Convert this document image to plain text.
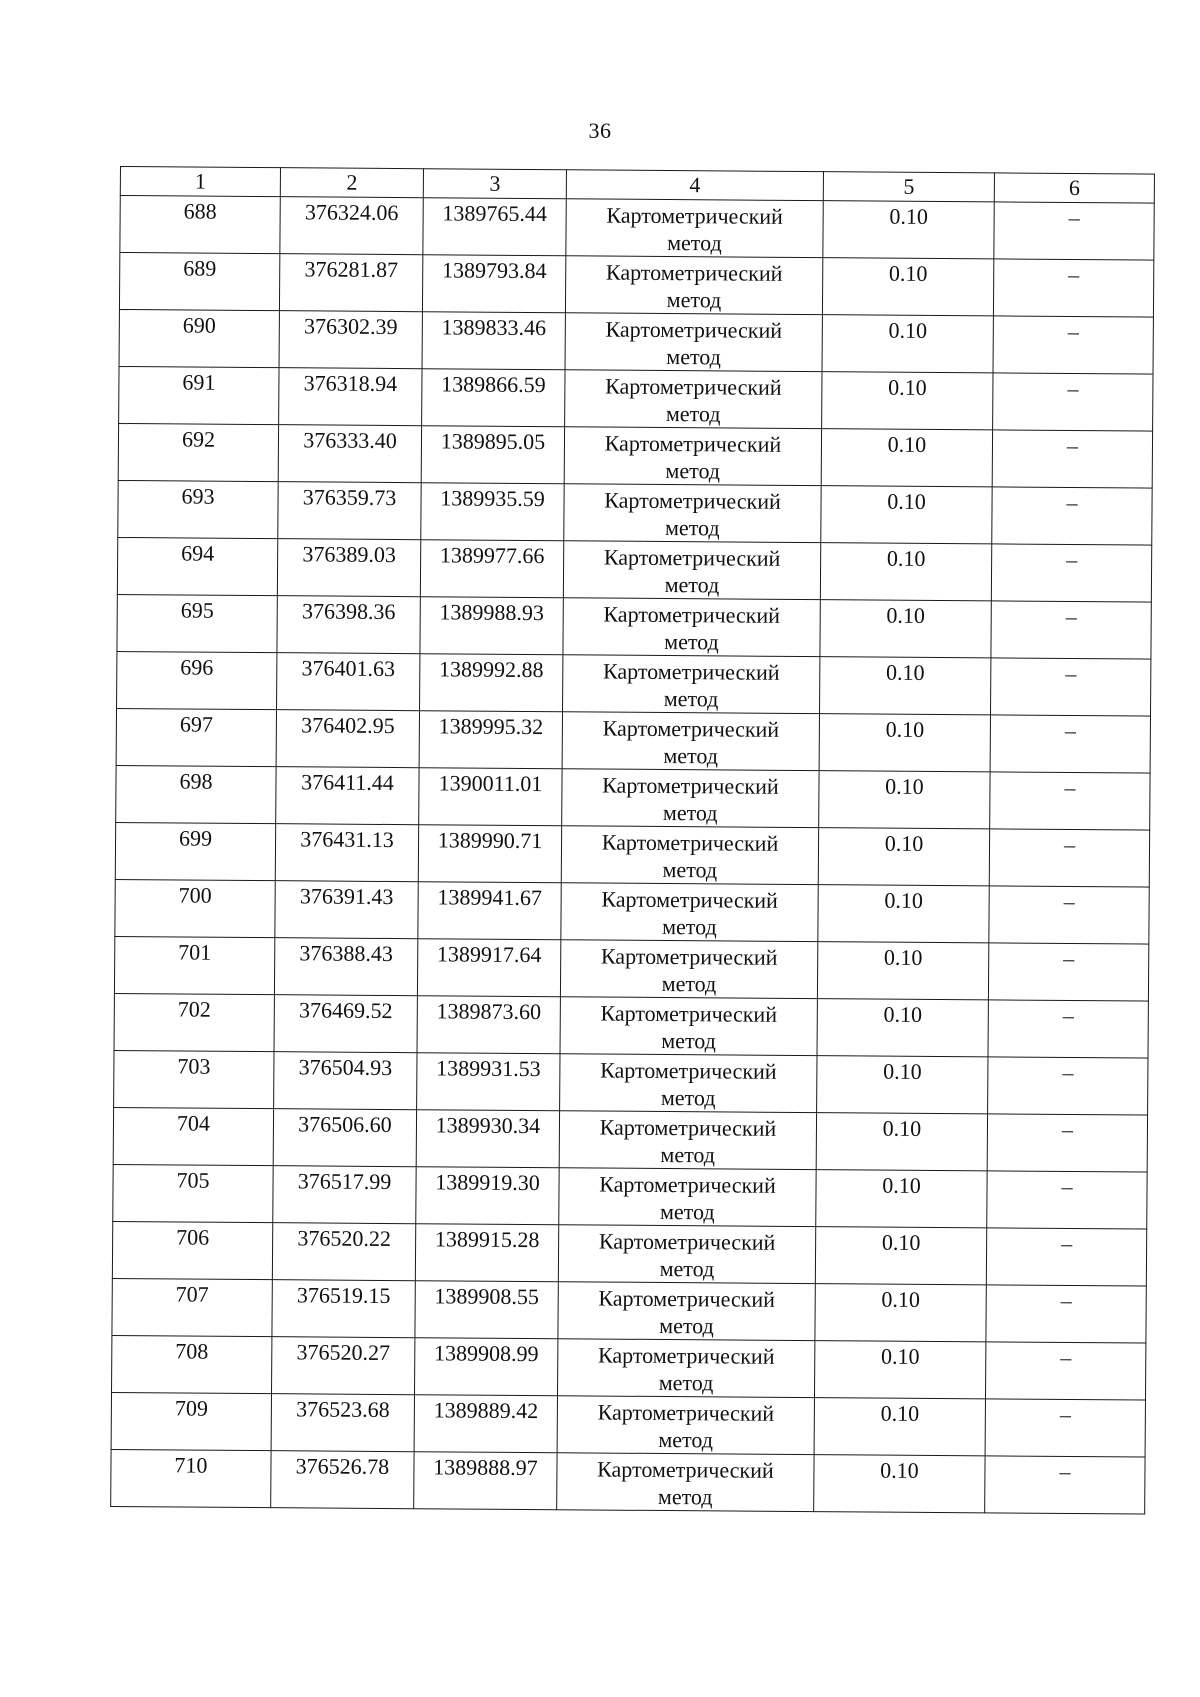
36
1	2	3	4	5	6
688	376324.06	1389765.44	Картометрический
метод	0.10	–
689	376281.87	1389793.84	Картометрический
метод	0.10	–
690	376302.39	1389833.46	Картометрический
метод	0.10	–
691	376318.94	1389866.59	Картометрический
метод	0.10	–
692	376333.40	1389895.05	Картометрический
метод	0.10	–
693	376359.73	1389935.59	Картометрический
метод	0.10	–
694	376389.03	1389977.66	Картометрический
метод	0.10	–
695	376398.36	1389988.93	Картометрический
метод	0.10	–
696	376401.63	1389992.88	Картометрический
метод	0.10	–
697	376402.95	1389995.32	Картометрический
метод	0.10	–
698	376411.44	1390011.01	Картометрический
метод	0.10	–
699	376431.13	1389990.71	Картометрический
метод	0.10	–
700	376391.43	1389941.67	Картометрический
метод	0.10	–
701	376388.43	1389917.64	Картометрический
метод	0.10	–
702	376469.52	1389873.60	Картометрический
метод	0.10	–
703	376504.93	1389931.53	Картометрический
метод	0.10	–
704	376506.60	1389930.34	Картометрический
метод	0.10	–
705	376517.99	1389919.30	Картометрический
метод	0.10	–
706	376520.22	1389915.28	Картометрический
метод	0.10	–
707	376519.15	1389908.55	Картометрический
метод	0.10	–
708	376520.27	1389908.99	Картометрический
метод	0.10	–
709	376523.68	1389889.42	Картометрический
метод	0.10	–
710	376526.78	1389888.97	Картометрический
метод	0.10	–
